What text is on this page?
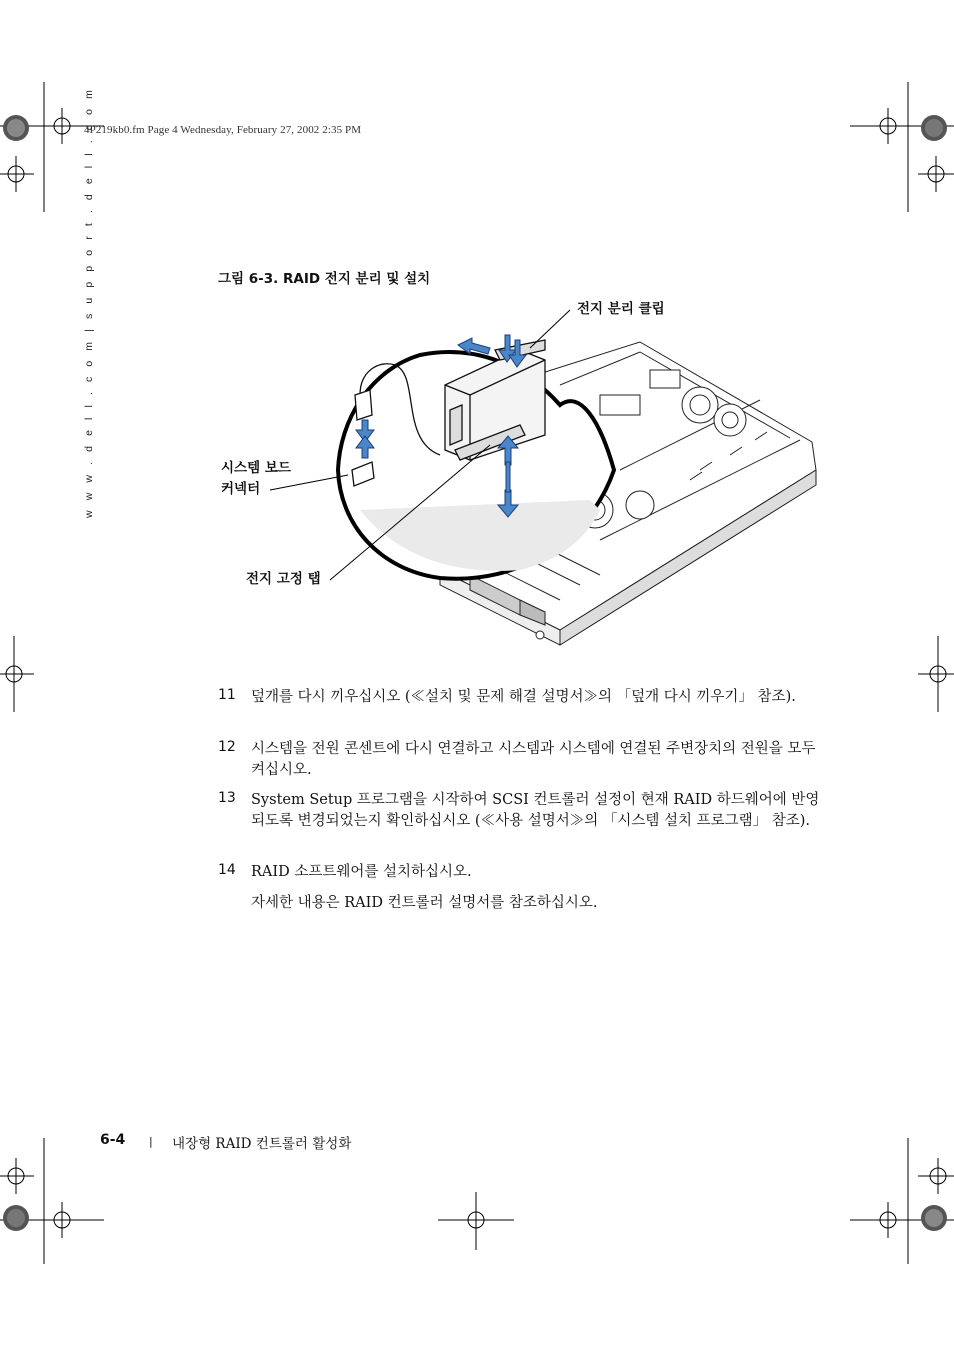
4P219kb0.fm Page 4 Wednesday, February 27, 2002 2:35 PM
w w w . d e l l . c o m | s u p p o r t . d e l l . c o m	그림 6-3. RAID 전지 분리 및 설치
전지 분리 클립
시스템 보드
커넥터
전지 고정 탭
11 덮개를 다시 끼우십시오 (≪설치 및 문제 해결 설명서≫의 「덮개 다시 끼우기」 참조).
12 시스템을 전원 콘센트에 다시 연결하고 시스템과 시스템에 연결된 주변장치의 전원을 모두 켜십시오.
13 System Setup 프로그램을 시작하여 SCSI 컨트롤러 설정이 현재 RAID 하드웨어에 반영되도록 변경되었는지 확인하십시오 (≪사용 설명서≫의 「시스템 설치 프로그램」 참조).
14 RAID 소프트웨어를 설치하십시오.
자세한 내용은 RAID 컨트롤러 설명서를 참조하십시오.
6-4 | 내장형 RAID 컨트롤러 활성화
